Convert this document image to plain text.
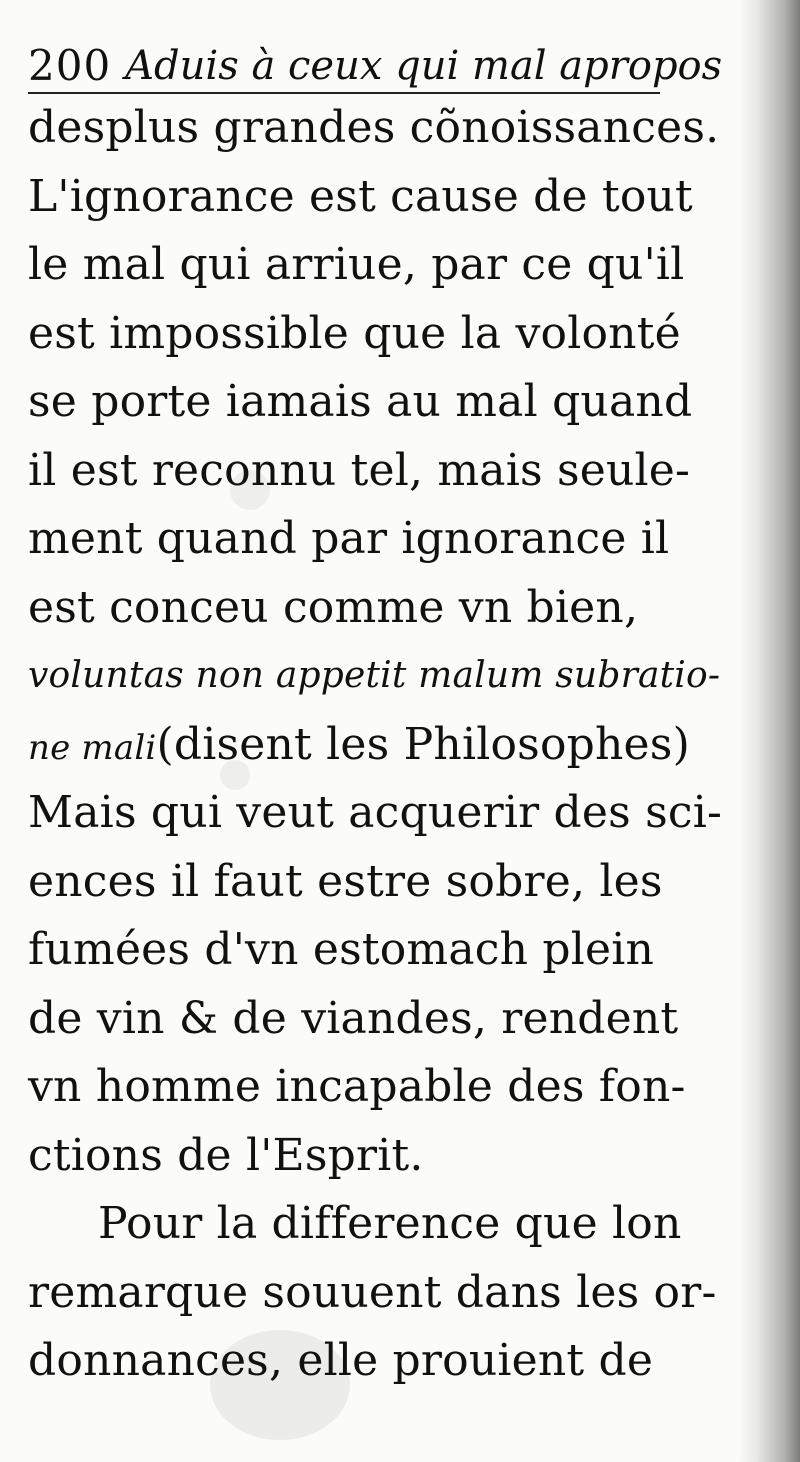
200 Aduis à ceux qui mal apropos
desplus grandes cõnoissances.
L'ignorance est cause de tout
le mal qui arriue, par ce qu'il
est impossible que la volonté
se porte iamais au mal quand
il est reconnu tel, mais seule-
ment quand par ignorance il
est conceu comme vn bien,
voluntas non appetit malum subratio-
ne mali(disent les Philosophes)
Mais qui veut acquerir des sci-
ences il faut estre sobre, les
fumées d'vn estomach plein
de vin & de viandes, rendent
vn homme incapable des fon-
ctions de l'Esprit.
Pour la difference que lon
remarque souuent dans les or-
donnances, elle prouient de
